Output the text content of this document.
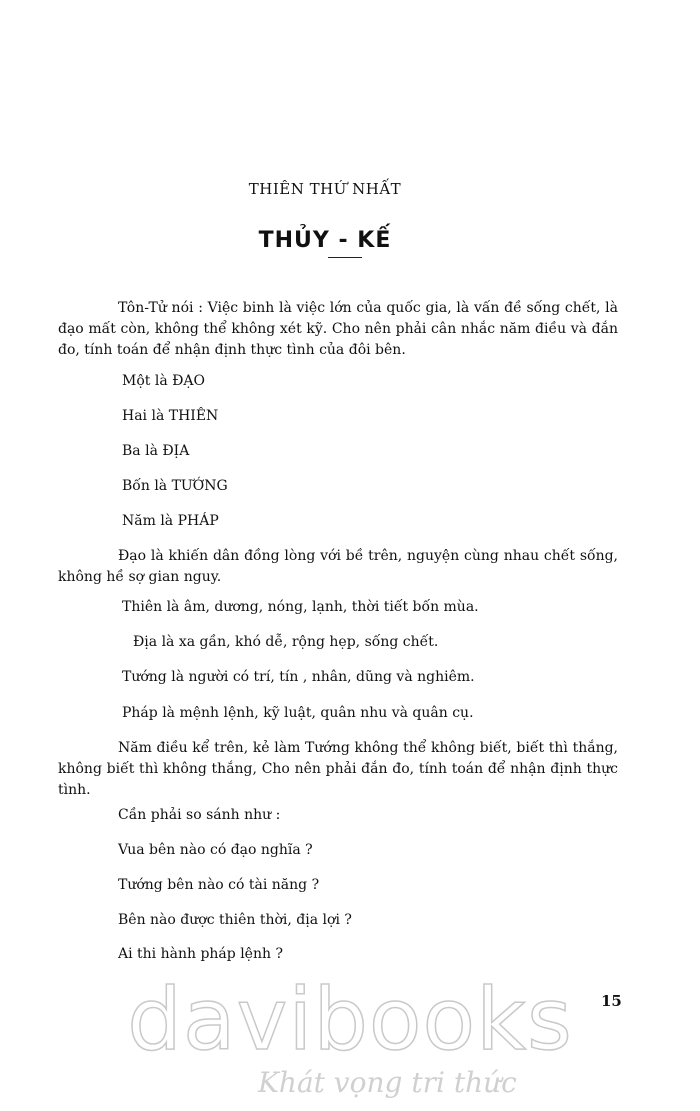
THIÊN THỨ NHẤT
THỦY - KẾ
Tôn-Tử nói : Việc binh là việc lớn của quốc gia, là vấn đề sống chết, là đạo mất còn, không thể không xét kỹ. Cho nên phải cân nhắc năm điều và đắn đo, tính toán để nhận định thực tình của đôi bên.
Một là ĐẠO
Hai là THIÊN
Ba là ĐỊA
Bốn là TƯỚNG
Năm là PHÁP
Đạo là khiến dân đồng lòng với bề trên, nguyện cùng nhau chết sống, không hề sợ gian nguy.
Thiên là âm, dương, nóng, lạnh, thời tiết bốn mùa.
Địa là xa gần, khó dễ, rộng hẹp, sống chết.
Tướng là người có trí, tín , nhân, dũng và nghiêm.
Pháp là mệnh lệnh, kỹ luật, quân nhu và quân cụ.
Năm điều kể trên, kẻ làm Tướng không thể không biết, biết thì thắng, không biết thì không thắng, Cho nên phải đắn đo, tính toán để nhận định thực tình.
Cần phải so sánh như :
Vua bên nào có đạo nghĩa ?
Tướng bên nào có tài năng ?
Bên nào được thiên thời, địa lợi ?
Ai thi hành pháp lệnh ?
15
davibooks
Khát vọng tri thức
